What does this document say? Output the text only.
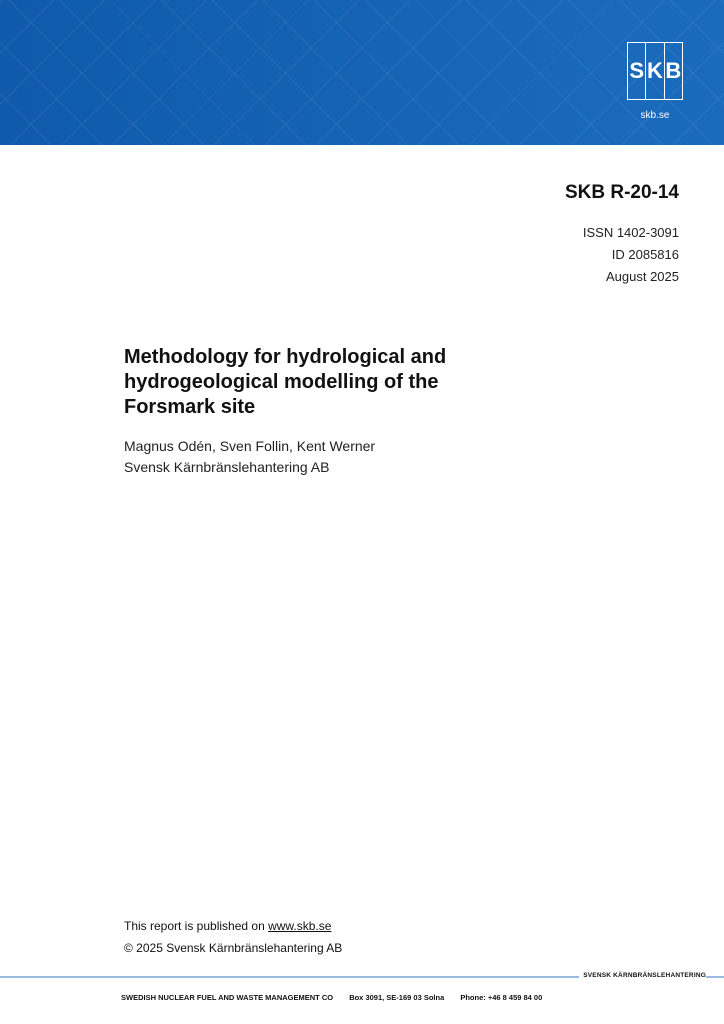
S K B
skb.se
SKB R-20-14
ISSN 1402-3091
ID 2085816
August 2025
Methodology for hydrological and
hydrogeological modelling of the
Forsmark site
Magnus Odén, Sven Follin, Kent Werner
Svensk Kärnbränslehantering AB
This report is published on www.skb.se
© 2025 Svensk Kärnbränslehantering AB
SVENSK KÄRNBRÄNSLEHANTERING
SWEDISH NUCLEAR FUEL AND WASTE MANAGEMENT CO Box 3091, SE-169 03 Solna Phone: +46 8 459 84 00
